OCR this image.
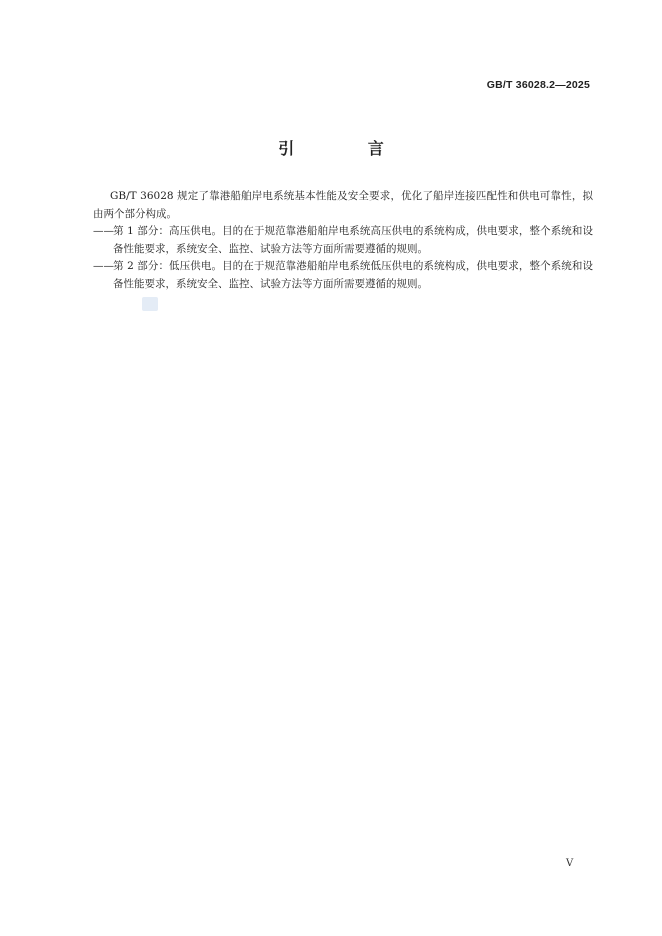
GB/T 36028.2—2025
引 言

GB/T 36028 规定了靠港船舶岸电系统基本性能及安全要求，优化了船岸连接匹配性和供电可靠性，拟由两个部分构成。

——第 1 部分：高压供电。目的在于规范靠港船舶岸电系统高压供电的系统构成，供电要求，整个系统和设备性能要求，系统安全、监控、试验方法等方面所需要遵循的规则。

——第 2 部分：低压供电。目的在于规范靠港船舶岸电系统低压供电的系统构成，供电要求，整个系统和设备性能要求，系统安全、监控、试验方法等方面所需要遵循的规则。

V
